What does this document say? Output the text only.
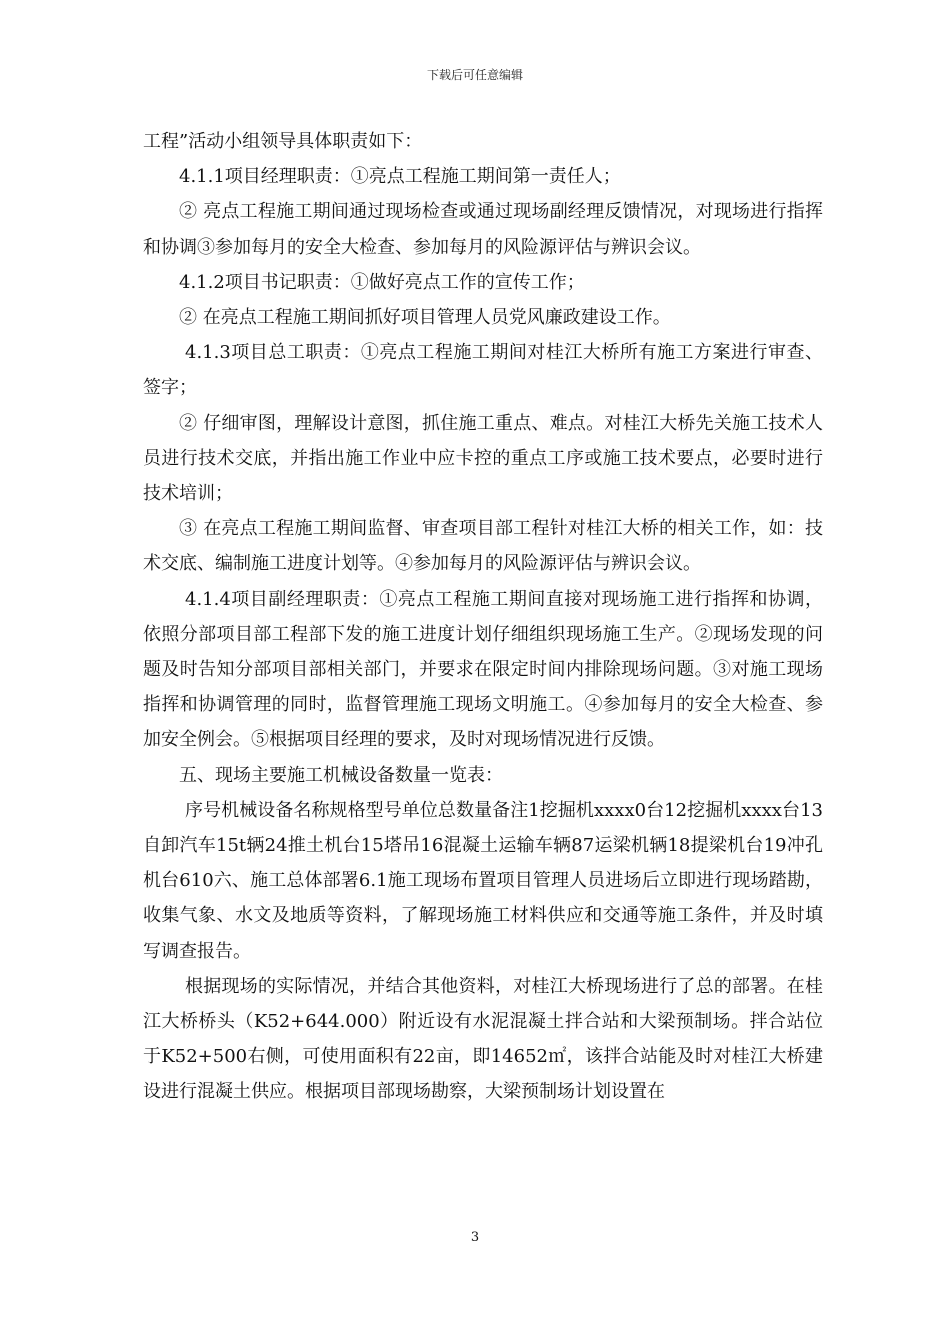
下载后可任意编辑

工程”活动小组领导具体职责如下：

4.1.1项目经理职责：①亮点工程施工期间第一责任人；

② 亮点工程施工期间通过现场检查或通过现场副经理反馈情况，对现场进行指挥和协调③参加每月的安全大检查、参加每月的风险源评估与辨识会议。

4.1.2项目书记职责：①做好亮点工作的宣传工作；

② 在亮点工程施工期间抓好项目管理人员党风廉政建设工作。

4.1.3项目总工职责：①亮点工程施工期间对桂江大桥所有施工方案进行审查、签字；

② 仔细审图，理解设计意图，抓住施工重点、难点。对桂江大桥先关施工技术人员进行技术交底，并指出施工作业中应卡控的重点工序或施工技术要点，必要时进行技术培训；

③ 在亮点工程施工期间监督、审查项目部工程针对桂江大桥的相关工作，如：技术交底、编制施工进度计划等。④参加每月的风险源评估与辨识会议。

4.1.4项目副经理职责：①亮点工程施工期间直接对现场施工进行指挥和协调，依照分部项目部工程部下发的施工进度计划仔细组织现场施工生产。②现场发现的问题及时告知分部项目部相关部门，并要求在限定时间内排除现场问题。③对施工现场指挥和协调管理的同时，监督管理施工现场文明施工。④参加每月的安全大检查、参加安全例会。⑤根据项目经理的要求，及时对现场情况进行反馈。

五、现场主要施工机械设备数量一览表：

序号机械设备名称规格型号单位总数量备注1挖掘机xxxx0台12挖掘机xxxx台13自卸汽车15t辆24推土机台15塔吊16混凝土运输车辆87运梁机辆18提梁机台19冲孔机台610六、施工总体部署6.1施工现场布置项目管理人员进场后立即进行现场踏勘，收集气象、水文及地质等资料，了解现场施工材料供应和交通等施工条件，并及时填写调查报告。

根据现场的实际情况，并结合其他资料，对桂江大桥现场进行了总的部署。在桂江大桥桥头（K52+644.000）附近设有水泥混凝土拌合站和大梁预制场。拌合站位于K52+500右侧，可使用面积有22亩，即14652㎡，该拌合站能及时对桂江大桥建设进行混凝土供应。根据项目部现场勘察，大梁预制场计划设置在

3
